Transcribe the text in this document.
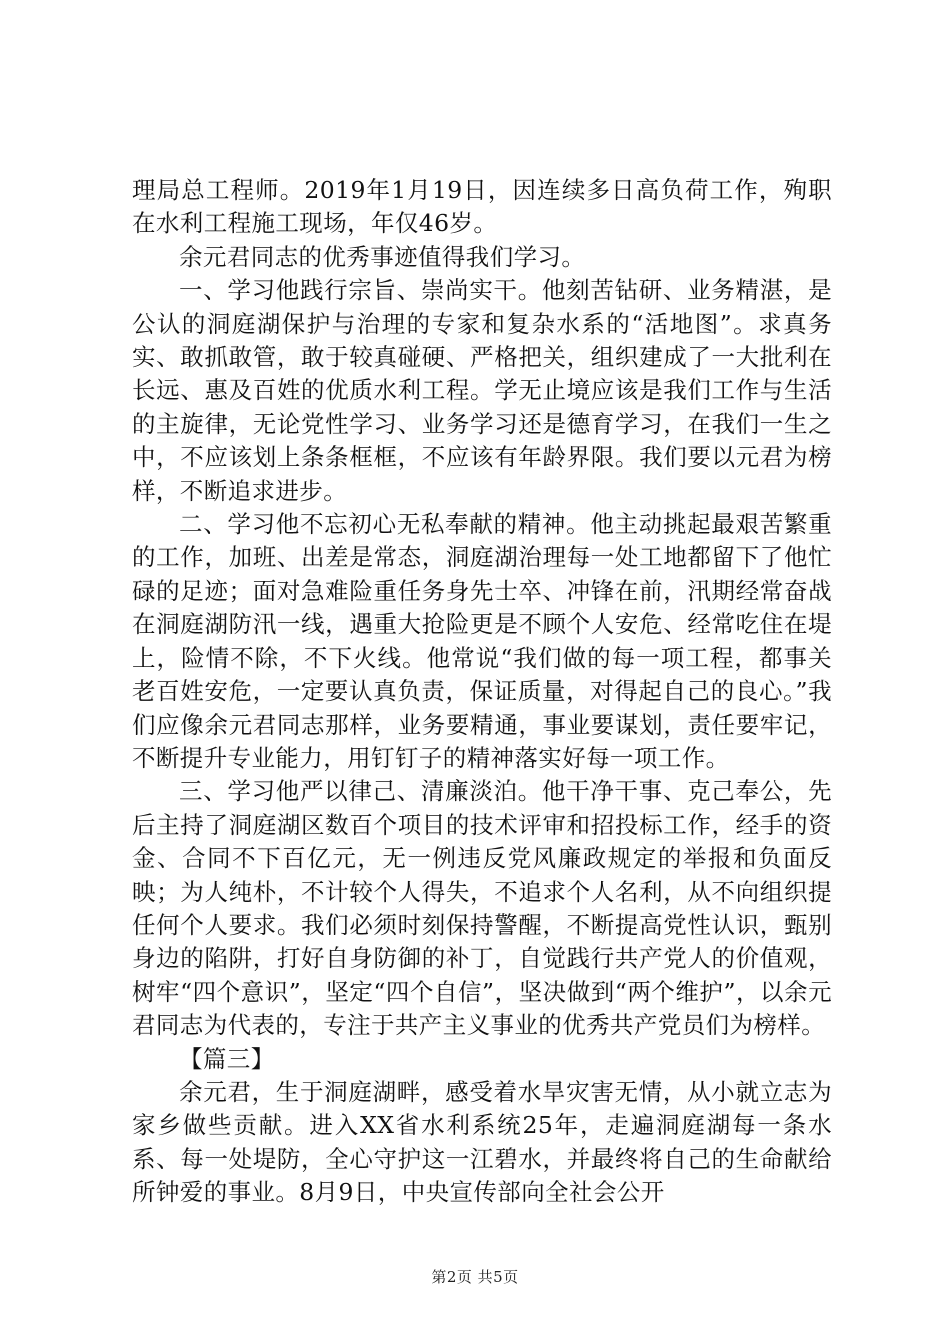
理局总工程师。2019年1月19日，因连续多日高负荷工作，殉职在水利工程施工现场，年仅46岁。

余元君同志的优秀事迹值得我们学习。

一、学习他践行宗旨、崇尚实干。他刻苦钻研、业务精湛，是公认的洞庭湖保护与治理的专家和复杂水系的“活地图”。求真务实、敢抓敢管，敢于较真碰硬、严格把关，组织建成了一大批利在长远、惠及百姓的优质水利工程。学无止境应该是我们工作与生活的主旋律，无论党性学习、业务学习还是德育学习，在我们一生之中，不应该划上条条框框，不应该有年龄界限。我们要以元君为榜样，不断追求进步。

二、学习他不忘初心无私奉献的精神。他主动挑起最艰苦繁重的工作，加班、出差是常态，洞庭湖治理每一处工地都留下了他忙碌的足迹；面对急难险重任务身先士卒、冲锋在前，汛期经常奋战在洞庭湖防汛一线，遇重大抢险更是不顾个人安危、经常吃住在堤上，险情不除，不下火线。他常说“我们做的每一项工程，都事关老百姓安危，一定要认真负责，保证质量，对得起自己的良心。”我们应像余元君同志那样，业务要精通，事业要谋划，责任要牢记，不断提升专业能力，用钉钉子的精神落实好每一项工作。

三、学习他严以律己、清廉淡泊。他干净干事、克己奉公，先后主持了洞庭湖区数百个项目的技术评审和招投标工作，经手的资金、合同不下百亿元，无一例违反党风廉政规定的举报和负面反映；为人纯朴，不计较个人得失，不追求个人名利，从不向组织提任何个人要求。我们必须时刻保持警醒，不断提高党性认识，甄别身边的陷阱，打好自身防御的补丁，自觉践行共产党人的价值观，树牢“四个意识”，坚定“四个自信”，坚决做到“两个维护”，以余元君同志为代表的，专注于共产主义事业的优秀共产党员们为榜样。

【篇三】

余元君，生于洞庭湖畔，感受着水旱灾害无情，从小就立志为家乡做些贡献。进入XX省水利系统25年，走遍洞庭湖每一条水系、每一处堤防，全心守护这一江碧水，并最终将自己的生命献给所钟爱的事业。8月9日，中央宣传部向全社会公开

第2页 共5页
